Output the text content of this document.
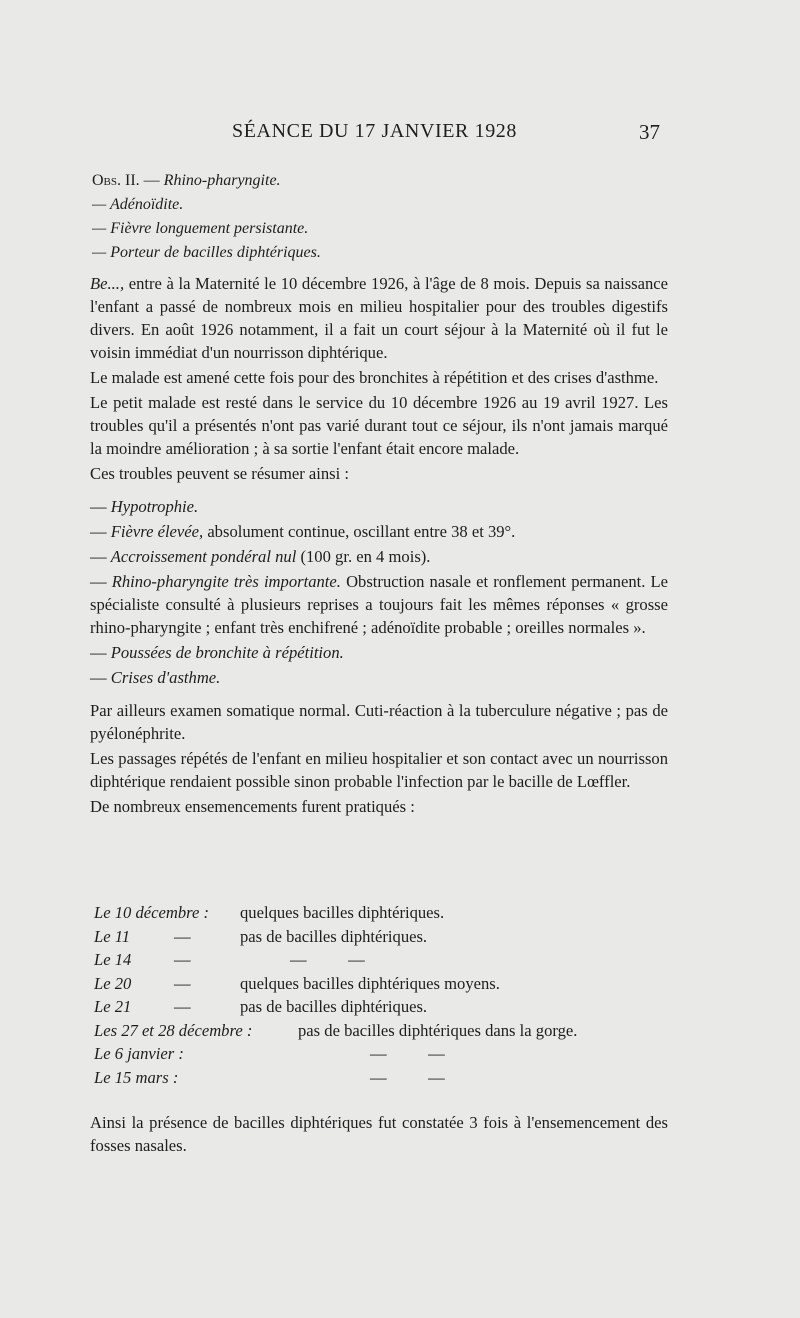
SÉANCE DU 17 JANVIER 1928	37
Obs. II. — Rhino-pharyngite.
— Adénoïdite.
— Fièvre longuement persistante.
— Porteur de bacilles diphtériques.

Be..., entre à la Maternité le 10 décembre 1926, à l'âge de 8 mois. Depuis sa naissance l'enfant a passé de nombreux mois en milieu hospitalier pour des troubles digestifs divers. En août 1926 notamment, il a fait un court séjour à la Maternité où il fut le voisin immédiat d'un nourrisson diphtérique.

Le malade est amené cette fois pour des bronchites à répétition et des crises d'asthme.

Le petit malade est resté dans le service du 10 décembre 1926 au 19 avril 1927. Les troubles qu'il a présentés n'ont pas varié durant tout ce séjour, ils n'ont jamais marqué la moindre amélioration ; à sa sortie l'enfant était encore malade.

Ces troubles peuvent se résumer ainsi :

— Hypotrophie.

— Fièvre élevée, absolument continue, oscillant entre 38 et 39°.

— Accroissement pondéral nul (100 gr. en 4 mois).

— Rhino-pharyngite très importante. Obstruction nasale et ronflement permanent. Le spécialiste consulté à plusieurs reprises a toujours fait les mêmes réponses « grosse rhino-pharyngite ; enfant très enchifrené ; adénoïdite probable ; oreilles normales ».

— Poussées de bronchite à répétition.

— Crises d'asthme.

Par ailleurs examen somatique normal. Cuti-réaction à la tuberculure négative ; pas de pyélonéphrite.

Les passages répétés de l'enfant en milieu hospitalier et son contact avec un nourrisson diphtérique rendaient possible sinon probable l'infection par le bacille de Lœffler.

De nombreux ensemencements furent pratiqués :

Le 10 décembre : quelques bacilles diphtériques.
Le 11	—	pas de bacilles diphtériques.
Le 14	—	—          —
Le 20	—	quelques bacilles diphtériques moyens.
Le 21	—	pas de bacilles diphtériques.
Les 27 et 28 décembre :	pas de bacilles diphtériques dans la gorge.
Le 6 janvier :	—          —
Le 15 mars :	—          —

Ainsi la présence de bacilles diphtériques fut constatée 3 fois à l'ensemencement des fosses nasales.
